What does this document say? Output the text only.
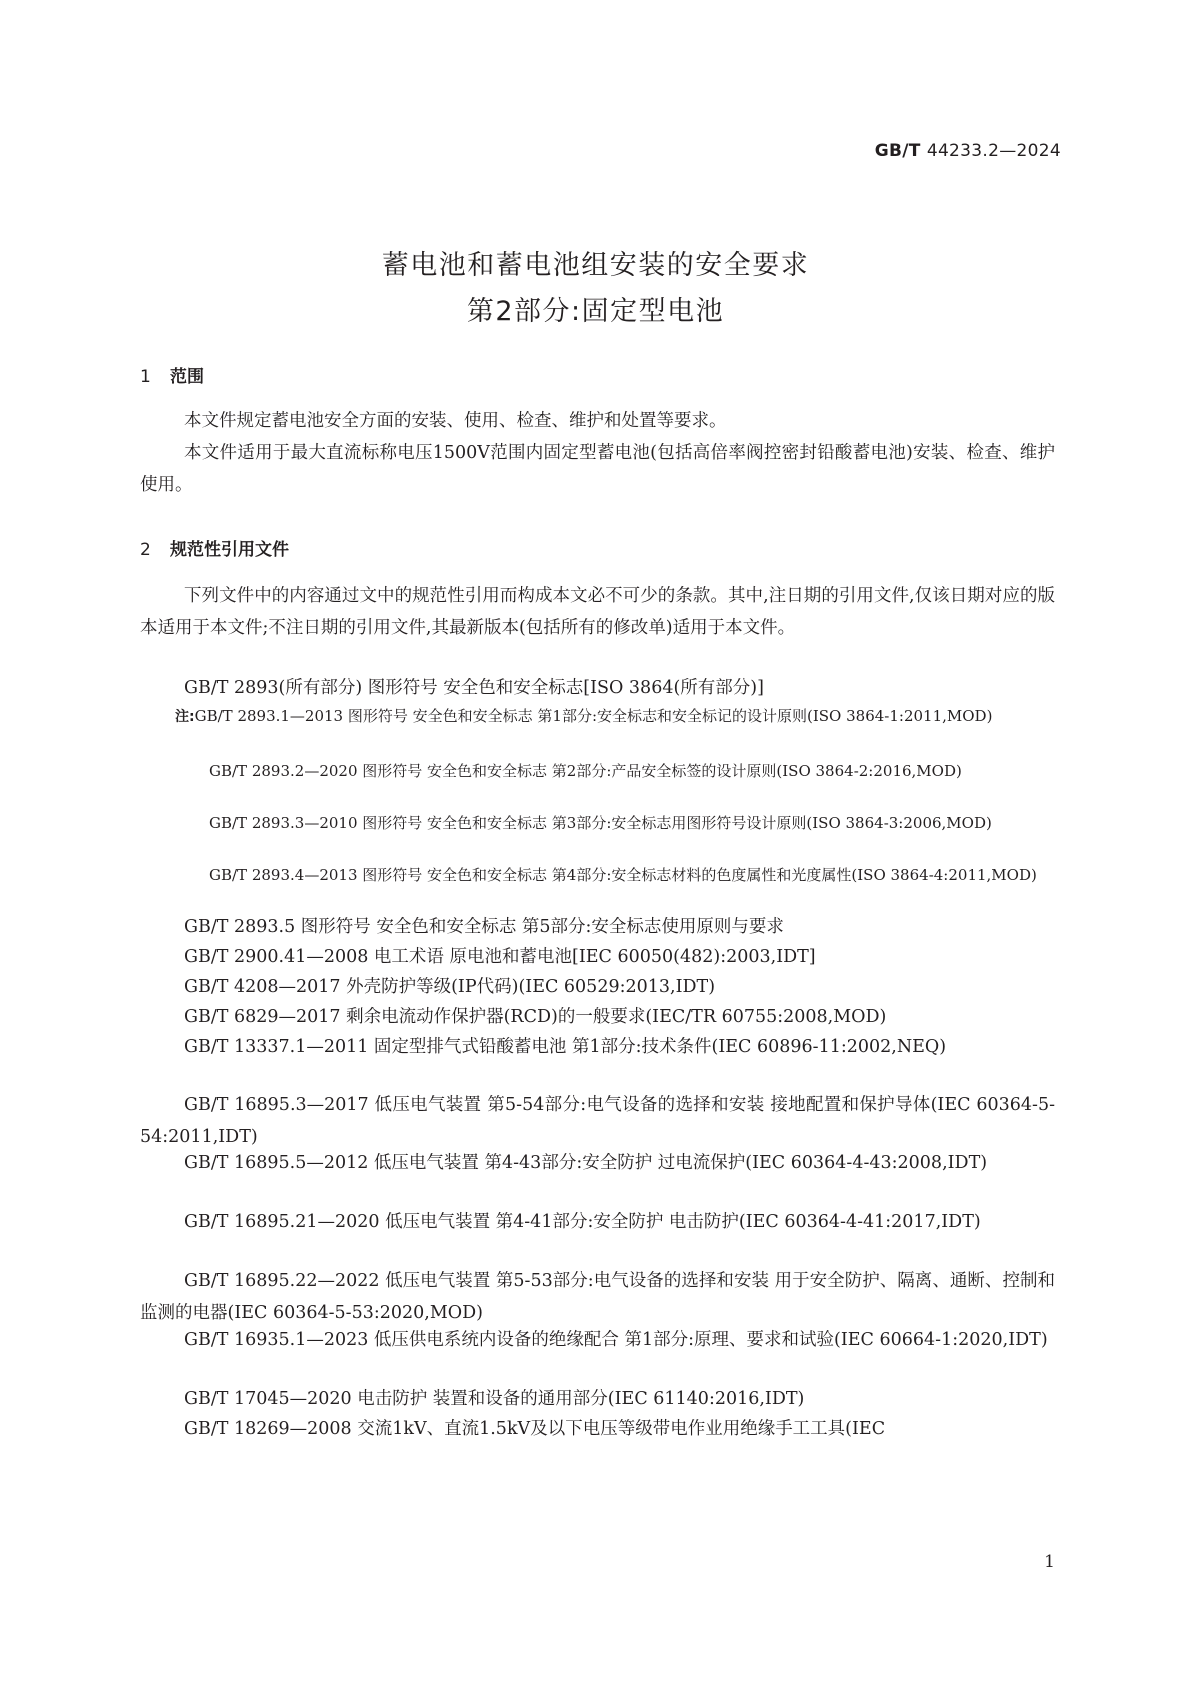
GB/T 44233.2—2024
蓄电池和蓄电池组安装的安全要求
第2部分:固定型电池
1 范围
本文件规定蓄电池安全方面的安装、使用、检查、维护和处置等要求。
本文件适用于最大直流标称电压1500V范围内固定型蓄电池(包括高倍率阀控密封铅酸蓄电池)安装、检查、维护使用。
2 规范性引用文件
下列文件中的内容通过文中的规范性引用而构成本文必不可少的条款。其中,注日期的引用文件,仅该日期对应的版本适用于本文件;不注日期的引用文件,其最新版本(包括所有的修改单)适用于本文件。
GB/T 2893(所有部分) 图形符号 安全色和安全标志[ISO 3864(所有部分)]
注:GB/T 2893.1—2013 图形符号 安全色和安全标志 第1部分:安全标志和安全标记的设计原则(ISO 3864-1:2011,MOD)
GB/T 2893.2—2020 图形符号 安全色和安全标志 第2部分:产品安全标签的设计原则(ISO 3864-2:2016,MOD)
GB/T 2893.3—2010 图形符号 安全色和安全标志 第3部分:安全标志用图形符号设计原则(ISO 3864-3:2006,MOD)
GB/T 2893.4—2013 图形符号 安全色和安全标志 第4部分:安全标志材料的色度属性和光度属性(ISO 3864-4:2011,MOD)
GB/T 2893.5 图形符号 安全色和安全标志 第5部分:安全标志使用原则与要求
GB/T 2900.41—2008 电工术语 原电池和蓄电池[IEC 60050(482):2003,IDT]
GB/T 4208—2017 外壳防护等级(IP代码)(IEC 60529:2013,IDT)
GB/T 6829—2017 剩余电流动作保护器(RCD)的一般要求(IEC/TR 60755:2008,MOD)
GB/T 13337.1—2011 固定型排气式铅酸蓄电池 第1部分:技术条件(IEC 60896-11:2002,NEQ)
GB/T 16895.3—2017 低压电气装置 第5-54部分:电气设备的选择和安装 接地配置和保护导体(IEC 60364-5-54:2011,IDT)
GB/T 16895.5—2012 低压电气装置 第4-43部分:安全防护 过电流保护(IEC 60364-4-43:2008,IDT)
GB/T 16895.21—2020 低压电气装置 第4-41部分:安全防护 电击防护(IEC 60364-4-41:2017,IDT)
GB/T 16895.22—2022 低压电气装置 第5-53部分:电气设备的选择和安装 用于安全防护、隔离、通断、控制和监测的电器(IEC 60364-5-53:2020,MOD)
GB/T 16935.1—2023 低压供电系统内设备的绝缘配合 第1部分:原理、要求和试验(IEC 60664-1:2020,IDT)
GB/T 17045—2020 电击防护 装置和设备的通用部分(IEC 61140:2016,IDT)
GB/T 18269—2008 交流1kV、直流1.5kV及以下电压等级带电作业用绝缘手工工具(IEC
1
